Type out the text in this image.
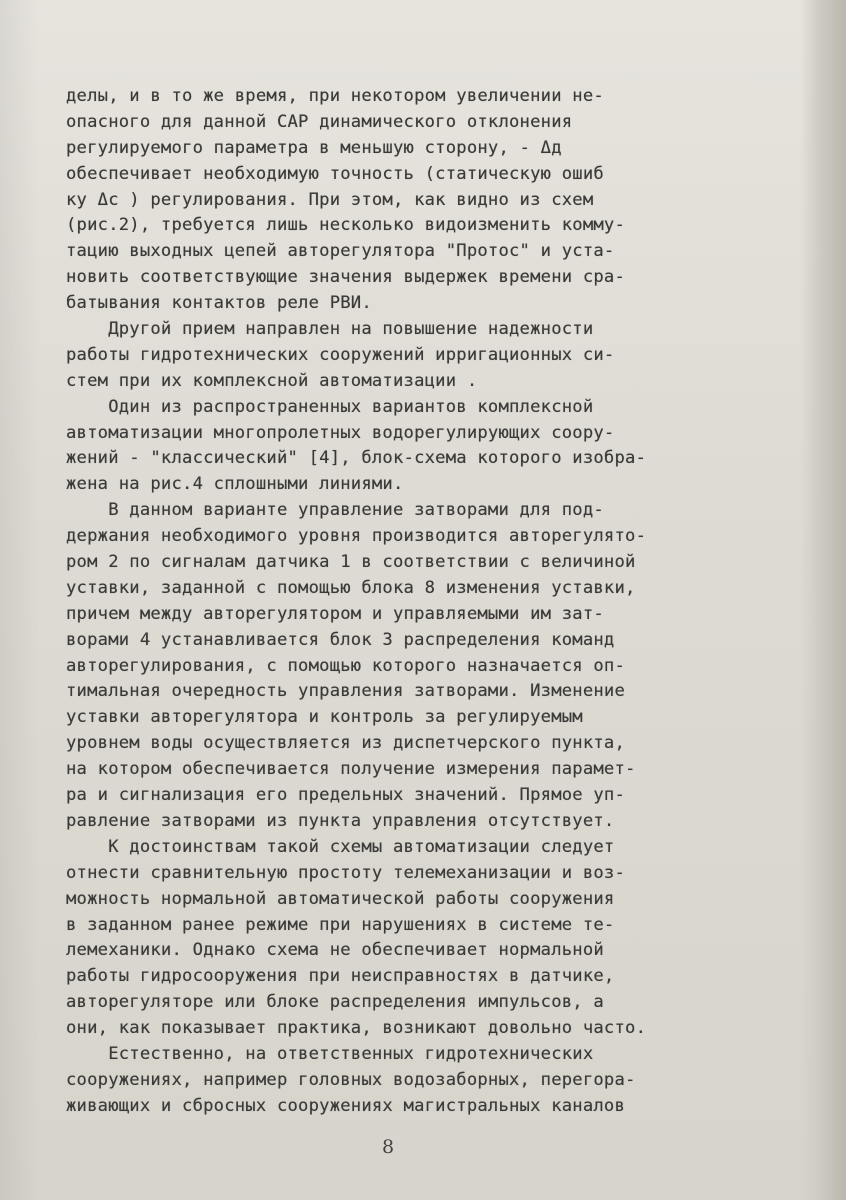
делы, и в то же время, при некотором увеличении не-
опасного для данной САР динамического отклонения
регулируемого параметра в меньшую сторону, - Δд
обеспечивает необходимую точность (статическую ошиб
ку Δс ) регулирования. При этом, как видно из схем
(рис.2), требуется лишь несколько видоизменить комму-
тацию выходных цепей авторегулятора "Протос" и уста-
новить соответствующие значения выдержек времени сра-
батывания контактов реле РВИ.
Другой прием направлен на повышение надежности
работы гидротехнических сооружений ирригационных си-
стем при их комплексной автоматизации .
Один из распространенных вариантов комплексной
автоматизации многопролетных водорегулирующих соору-
жений - "классический" [4], блок-схема которого изобра-
жена на рис.4 сплошными линиями.
В данном варианте управление затворами для под-
держания необходимого уровня производится авторегулято-
ром 2 по сигналам датчика 1 в соответствии с величиной
уставки, заданной с помощью блока 8 изменения уставки,
причем между авторегулятором и управляемыми им зат-
ворами 4 устанавливается блок 3 распределения команд
авторегулирования, с помощью которого назначается оп-
тимальная очередность управления затворами. Изменение
уставки авторегулятора и контроль за регулируемым
уровнем воды осуществляется из диспетчерского пункта,
на котором обеспечивается получение измерения парамет-
ра и сигнализация его предельных значений. Прямое уп-
равление затворами из пункта управления отсутствует.
К достоинствам такой схемы автоматизации следует
отнести сравнительную простоту телемеханизации и воз-
можность нормальной автоматической работы сооружения
в заданном ранее режиме при нарушениях в системе те-
лемеханики. Однако схема не обеспечивает нормальной
работы гидросооружения при неисправностях в датчике,
авторегуляторе или блоке распределения импульсов, а
они, как показывает практика, возникают довольно часто.
Естественно, на ответственных гидротехнических
сооружениях, например головных водозаборных, перегора-
живающих и сбросных сооружениях магистральных каналов
8
